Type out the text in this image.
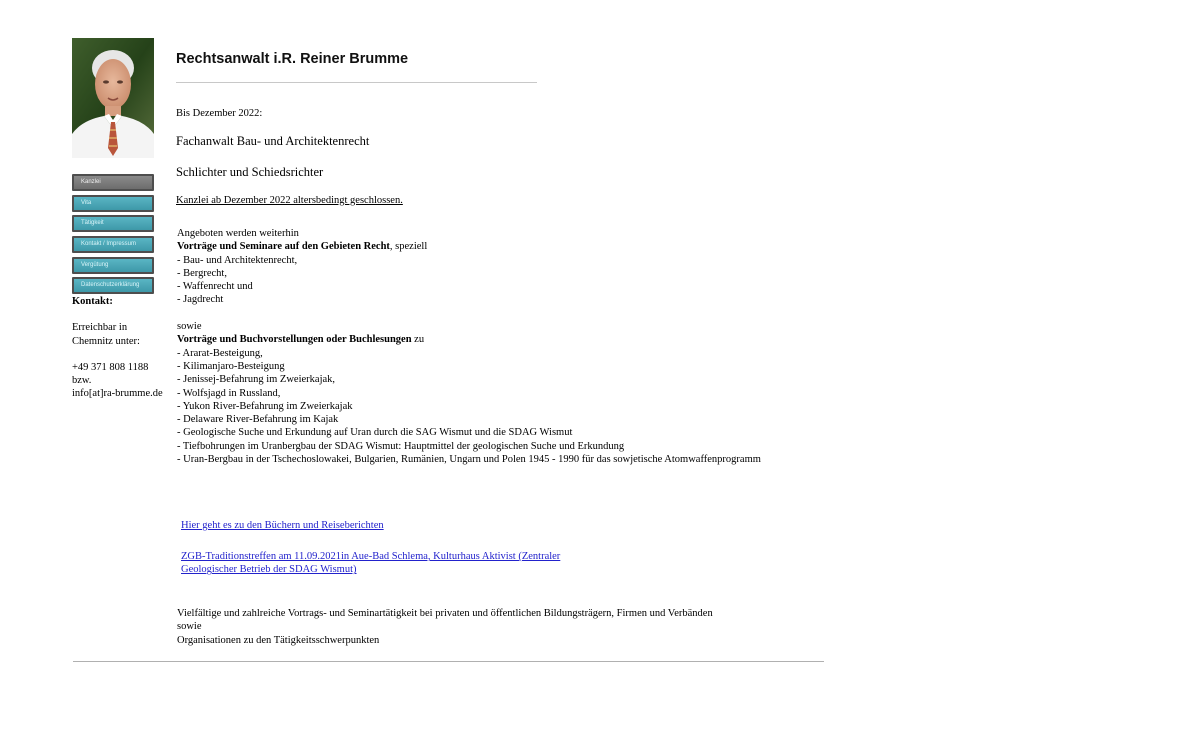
Kanzlei
Vita
Tätigkeit
Kontakt / Impressum
Vergütung
Datenschutzerklärung

Kontakt:

Erreichbar in

Chemnitz unter:

+49 371 808 1188

bzw.

info[at]ra-brumme.de

Rechtsanwalt i.R. Reiner Brumme
Bis Dezember 2022:
Fachanwalt Bau- und Architektenrecht
Schlichter und Schiedsrichter
Kanzlei ab Dezember 2022 altersbedingt geschlossen.
Angeboten werden weiterhin
Vorträge und Seminare auf den Gebieten Recht, speziell
- Bau- und Architektenrecht,
- Bergrecht,
- Waffenrecht und
- Jagdrecht
sowie
Vorträge und Buchvorstellungen oder Buchlesungen zu
- Ararat-Besteigung,
- Kilimanjaro-Besteigung
- Jenissej-Befahrung im Zweierkajak,
- Wolfsjagd in Russland,
- Yukon River-Befahrung im Zweierkajak
- Delaware River-Befahrung im Kajak
- Geologische Suche und Erkundung auf Uran durch die SAG Wismut und die SDAG Wismut
- Tiefbohrungen im Uranbergbau der SDAG Wismut: Hauptmittel der geologischen Suche und Erkundung
- Uran-Bergbau in der Tschechoslowakei, Bulgarien, Rumänien, Ungarn und Polen 1945 - 1990 für das sowjetische Atomwaffenprogramm
Hier geht es zu den Büchern und Reiseberichten
ZGB-Traditionstreffen am 11.09.2021in Aue-Bad Schlema, Kulturhaus Aktivist (Zentraler
Geologischer Betrieb der SDAG Wismut)
Vielfältige und zahlreiche Vortrags- und Seminartätigkeit bei privaten und öffentlichen Bildungsträgern, Firmen und Verbänden sowie
Organisationen zu den Tätigkeitsschwerpunkten
